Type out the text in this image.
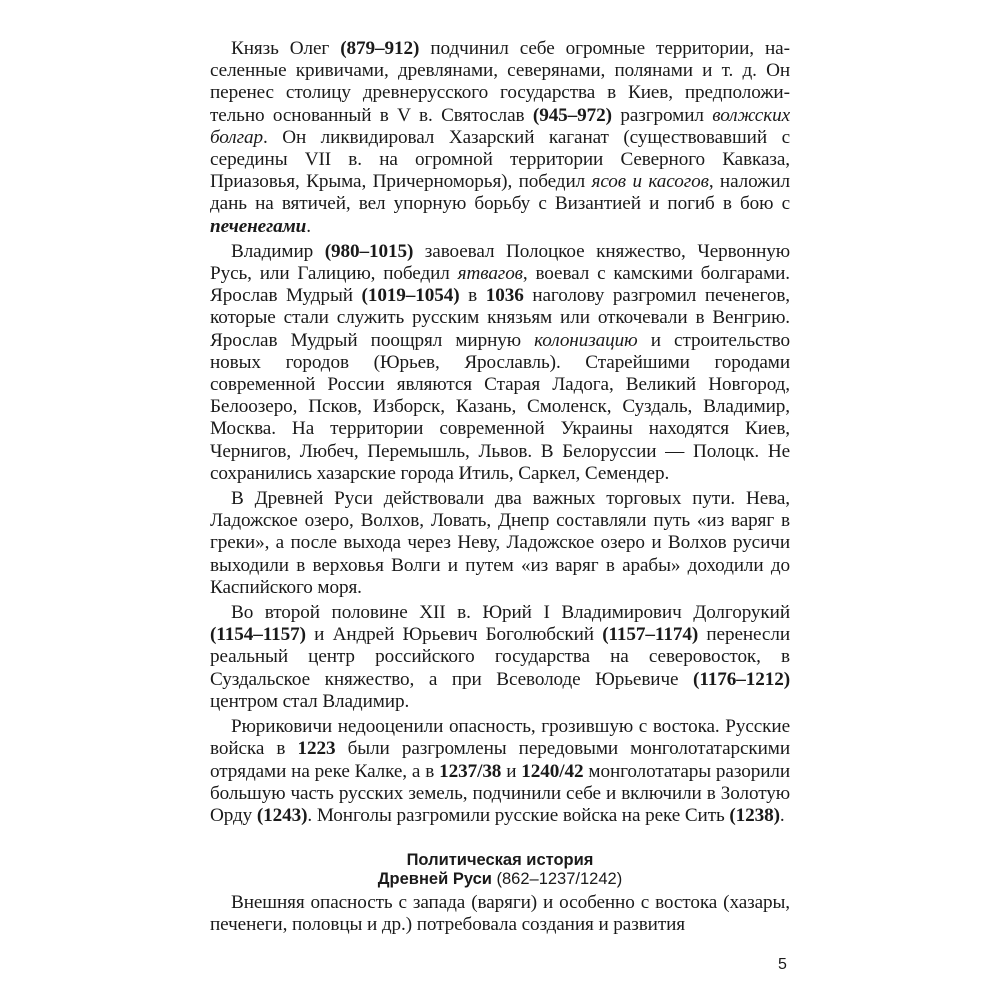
Князь Олег (879–912) подчинил себе огромные территории, населенные кривичами, древлянами, северянами, полянами и т. д. Он перенес столицу древнерусского государства в Киев, предположительно основанный в V в. Святослав (945–972) разгромил волжских болгар. Он ликвидировал Хазарский каганат (существовавший с середины VII в. на огромной территории Северного Кавказа, Приазовья, Крыма, Причерноморья), победил ясов и касогов, наложил дань на вятичей, вел упорную борьбу с Византией и погиб в бою с печенегами.

Владимир (980–1015) завоевал Полоцкое княжество, Червонную Русь, или Галицию, победил ятвагов, воевал с камскими болгарами. Ярослав Мудрый (1019–1054) в 1036 наголову разгромил печенегов, которые стали служить русским князьям или откочевали в Венгрию. Ярослав Мудрый поощрял мирную колонизацию и строительство новых городов (Юрьев, Ярославль). Старейшими городами современной России являются Старая Ладога, Великий Новгород, Белоозеро, Псков, Изборск, Казань, Смоленск, Суздаль, Владимир, Москва. На территории современной Украины находятся Киев, Чернигов, Любеч, Перемышль, Львов. В Белоруссии — Полоцк. Не сохранились хазарские города Итиль, Саркел, Семендер.

В Древней Руси действовали два важных торговых пути. Нева, Ладожское озеро, Волхов, Ловать, Днепр составляли путь «из варяг в греки», а после выхода через Неву, Ладожское озеро и Волхов русичи выходили в верховья Волги и путем «из варяг в арабы» доходили до Каспийского моря.

Во второй половине XII в. Юрий I Владимирович Долгорукий (1154–1157) и Андрей Юрьевич Боголюбский (1157–1174) перенесли реальный центр российского государства на северовосток, в Суздальское княжество, а при Всеволоде Юрьевиче (1176–1212) центром стал Владимир.

Рюриковичи недооценили опасность, грозившую с востока. Русские войска в 1223 были разгромлены передовыми монголотатарскими отрядами на реке Калке, а в 1237/38 и 1240/42 монголотатары разорили большую часть русских земель, подчинили себе и включили в Золотую Орду (1243). Монголы разгромили русские войска на реке Сить (1238).

Политическая история
Древней Руси (862–1237/1242)

Внешняя опасность с запада (варяги) и особенно с востока (хазары, печенеги, половцы и др.) потребовала создания и развития

5
